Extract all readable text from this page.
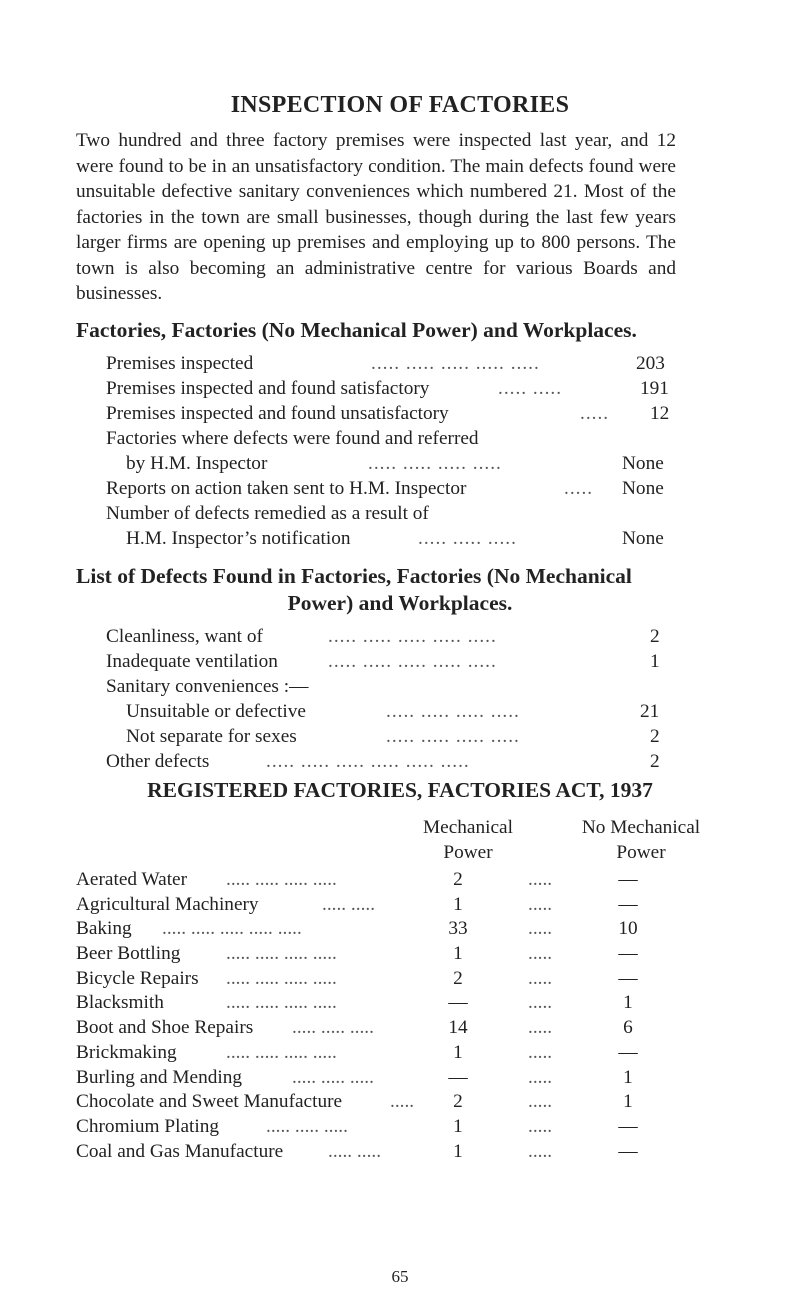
INSPECTION OF FACTORIES

Two hundred and three factory premises were inspected last year, and 12 were found to be in an unsatisfactory condition. The main defects found were unsuitable defective sanitary conveniences which numbered 21. Most of the factories in the town are small businesses, though during the last few years larger firms are opening up premises and employing up to 800 persons. The town is also becoming an administrative centre for various Boards and businesses.

Factories, Factories (No Mechanical Power) and Workplaces.

Premises inspected	..... ..... ..... ..... .....	203
Premises inspected and found satisfactory	..... .....	191
Premises inspected and found unsatisfactory	..... 12
Factories where defects were found and referred
by H.M. Inspector	..... ..... ..... .....	None
Reports on action taken sent to H.M. Inspector	..... None
Number of defects remedied as a result of
H.M. Inspector’s notification	..... ..... .....	None

List of Defects Found in Factories, Factories (No Mechanical

Power) and Workplaces.

Cleanliness, want of	..... ..... ..... ..... .....	2
Inadequate ventilation	..... ..... ..... ..... .....	1
Sanitary conveniences :—
Unsuitable or defective	..... ..... ..... .....	21
Not separate for sexes	..... ..... ..... .....	2
Other defects	..... ..... ..... ..... ..... .....	2

REGISTERED FACTORIES, FACTORIES ACT, 1937

Mechanical
Power
No Mechanical
Power
Aerated Water ..... ..... ..... .....	2	.....	—
Agricultural Machinery	..... .....	1	.....	—
Baking ..... ..... ..... ..... .....	33	.....	10
Beer Bottling ..... ..... ..... .....	1	.....	—
Bicycle Repairs ..... ..... ..... .....	2	.....	—
Blacksmith	..... ..... ..... .....	—	.....	1
Boot and Shoe Repairs ..... ..... .....	14	.....	6
Brickmaking	..... ..... ..... .....	1	.....	—
Burling and Mending	..... ..... .....	—	.....	1
Chocolate and Sweet Manufacture .....	2	.....	1
Chromium Plating ..... ..... .....	1	.....	—
Coal and Gas Manufacture ..... .....	1	.....	—

65
